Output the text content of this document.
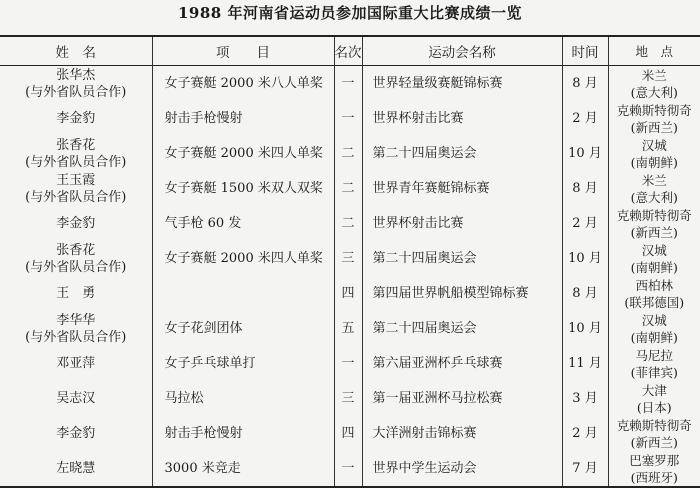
1988 年河南省运动员参加国际重大比赛成绩一览
姓　名	项　　目	名次	运动会名称	时间	地　点

张华杰
(与外省队员合作)	女子赛艇 2000 米八人单桨	一	世界轻量级赛艇锦标赛	8 月	米兰
(意大利)

李金豹	射击手枪慢射	一	世界杯射击比赛	2 月	克赖斯特彻奇
(新西兰)

张香花
(与外省队员合作)	女子赛艇 2000 米四人单桨	二	第二十四届奥运会	10 月	汉城
(南朝鲜)

王玉霞
(与外省队员合作)	女子赛艇 1500 米双人双桨	二	世界青年赛艇锦标赛	8 月	米兰
(意大利)

李金豹	气手枪 60 发	二	世界杯射击比赛	2 月	克赖斯特彻奇
(新西兰)

张香花
(与外省队员合作)	女子赛艇 2000 米四人单桨	三	第二十四届奥运会	10 月	汉城
(南朝鲜)

王　勇		四	第四届世界帆船模型锦标赛	8 月	西柏林
(联邦德国)

李华华
(与外省队员合作)	女子花剑团体	五	第二十四届奥运会	10 月	汉城
(南朝鲜)

邓亚萍	女子乒乓球单打	一	第六届亚洲杯乒乓球赛	11 月	马尼拉
(菲律宾)

吴志汉	马拉松	三	第一届亚洲杯马拉松赛	3 月	大津
(日本)

李金豹	射击手枪慢射	四	大洋洲射击锦标赛	2 月	克赖斯特彻奇
(新西兰)

左晓慧	3000 米竞走	一	世界中学生运动会	7 月	巴塞罗那
(西班牙)
